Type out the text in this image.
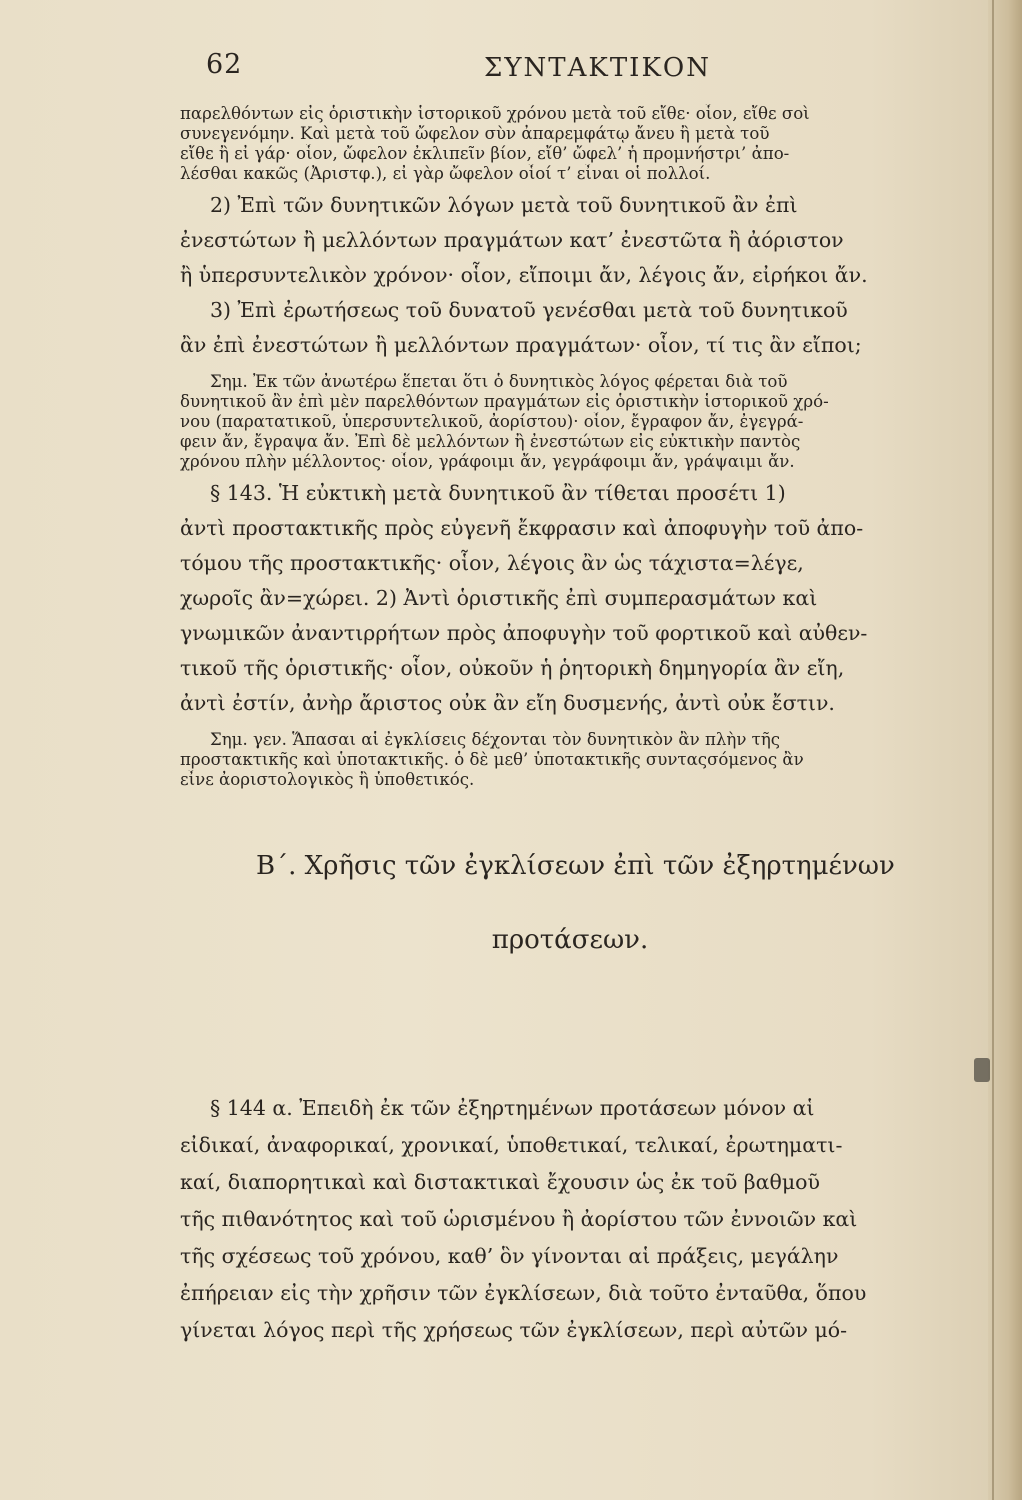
62	ΣΥΝΤΑΚΤΙΚΟΝ
παρελθόντων εἰς ὁριστικὴν ἱστορικοῦ χρόνου μετὰ τοῦ εἴθε· οἷον, εἴθε σοὶ
συνεγενόμην. Καὶ μετὰ τοῦ ὤφελον σὺν ἀπαρεμφάτῳ ἄνευ ἢ μετὰ τοῦ
εἴθε ἢ εἰ γάρ· οἷον, ὤφελον ἐκλιπεῖν βίον, εἴθ’ ὤφελ’ ἡ προμνήστρι’ ἀπο-
λέσθαι κακῶς (Ἀριστφ.), εἰ γὰρ ὤφελον οἷοί τ’ εἶναι οἱ πολλοί.
2) Ἐπὶ τῶν δυνητικῶν λόγων μετὰ τοῦ δυνητικοῦ ἂν ἐπὶ
ἐνεστώτων ἢ μελλόντων πραγμάτων κατ’ ἐνεστῶτα ἢ ἀόριστον
ἢ ὑπερσυντελικὸν χρόνον· οἷον, εἴποιμι ἄν, λέγοις ἄν, εἰρήκοι ἄν.
3) Ἐπὶ ἐρωτήσεως τοῦ δυνατοῦ γενέσθαι μετὰ τοῦ δυνητικοῦ
ἂν ἐπὶ ἐνεστώτων ἢ μελλόντων πραγμάτων· οἷον, τί τις ἂν εἴποι;
Σημ. Ἐκ τῶν ἀνωτέρω ἕπεται ὅτι ὁ δυνητικὸς λόγος φέρεται διὰ τοῦ
δυνητικοῦ ἂν ἐπὶ μὲν παρελθόντων πραγμάτων εἰς ὁριστικὴν ἱστορικοῦ χρό-
νου (παρατατικοῦ, ὑπερσυντελικοῦ, ἀορίστου)· οἷον, ἔγραφον ἄν, ἐγεγρά-
φειν ἄν, ἔγραψα ἄν. Ἐπὶ δὲ μελλόντων ἢ ἐνεστώτων εἰς εὐκτικὴν παντὸς
χρόνου πλὴν μέλλοντος· οἷον, γράφοιμι ἄν, γεγράφοιμι ἄν, γράψαιμι ἄν.
§ 143. Ἡ εὐκτικὴ μετὰ δυνητικοῦ ἂν τίθεται προσέτι 1)
ἀντὶ προστακτικῆς πρὸς εὐγενῆ ἔκφρασιν καὶ ἀποφυγὴν τοῦ ἀπο-
τόμου τῆς προστακτικῆς· οἷον, λέγοις ἂν ὡς τάχιστα=λέγε,
χωροῖς ἂν=χώρει. 2) Ἀντὶ ὁριστικῆς ἐπὶ συμπερασμάτων καὶ
γνωμικῶν ἀναντιρρήτων πρὸς ἀποφυγὴν τοῦ φορτικοῦ καὶ αὐθεν-
τικοῦ τῆς ὁριστικῆς· οἷον, οὐκοῦν ἡ ῥητορικὴ δημηγορία ἂν εἴη,
ἀντὶ ἐστίν, ἀνὴρ ἄριστος οὐκ ἂν εἴη δυσμενής, ἀντὶ οὐκ ἔστιν.
Σημ. γεν. Ἅπασαι αἱ ἐγκλίσεις δέχονται τὸν δυνητικὸν ἂν πλὴν τῆς
προστακτικῆς καὶ ὑποτακτικῆς. ὁ δὲ μεθ’ ὑποτακτικῆς συνταςσόμενος ἂν
εἶνε ἀοριστολογικὸς ἢ ὑποθετικός.
Β΄. Χρῆσις τῶν ἐγκλίσεων ἐπὶ τῶν ἐξηρτημένων
προτάσεων.
§ 144 α. Ἐπειδὴ ἐκ τῶν ἐξηρτημένων προτάσεων μόνον αἱ
εἰδικαί, ἀναφορικαί, χρονικαί, ὑποθετικαί, τελικαί, ἐρωτηματι-
καί, διαπορητικαὶ καὶ διστακτικαὶ ἔχουσιν ὡς ἐκ τοῦ βαθμοῦ
τῆς πιθανότητος καὶ τοῦ ὡρισμένου ἢ ἀορίστου τῶν ἐννοιῶν καὶ
τῆς σχέσεως τοῦ χρόνου, καθ’ ὃν γίνονται αἱ πράξεις, μεγάλην
ἐπήρειαν εἰς τὴν χρῆσιν τῶν ἐγκλίσεων, διὰ τοῦτο ἐνταῦθα, ὅπου
γίνεται λόγος περὶ τῆς χρήσεως τῶν ἐγκλίσεων, περὶ αὐτῶν μό-
